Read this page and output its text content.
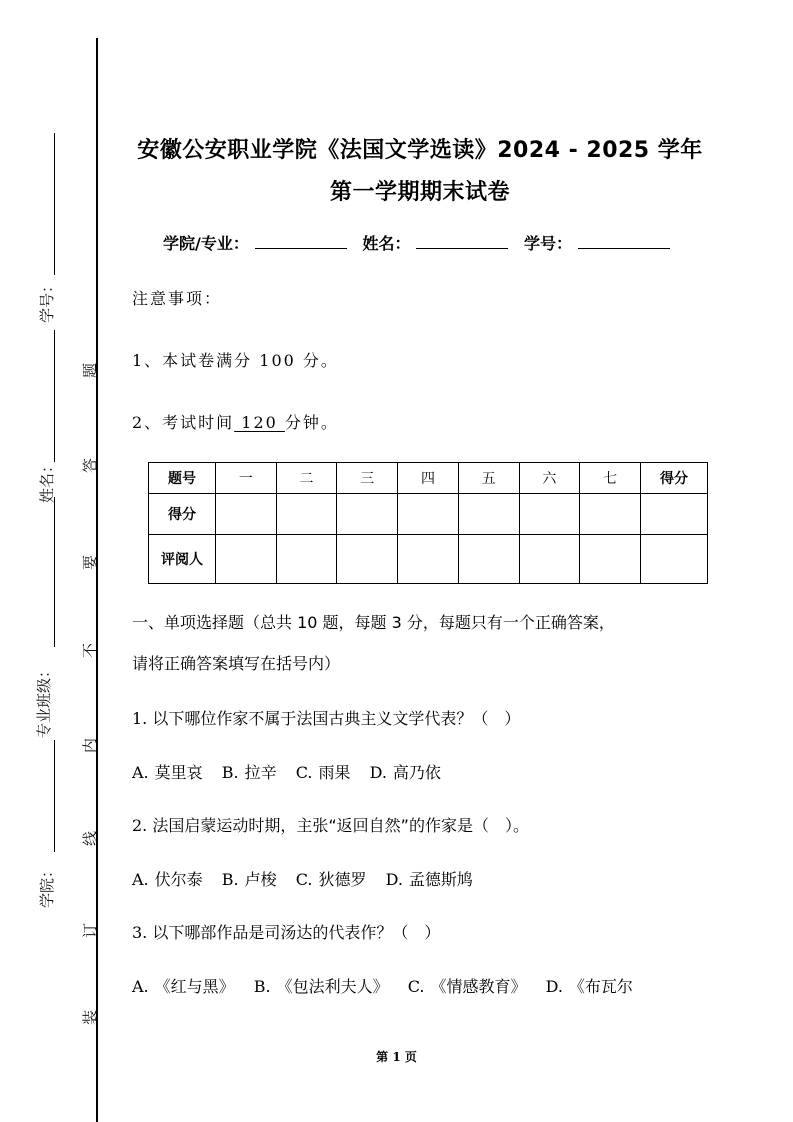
学号：
姓名：
专业班级：
学院：
题
答
要
不
内
线
订
装
安徽公安职业学院《法国文学选读》2024 - 2025 学年
第一学期期末试卷
学院/专业：	姓名：	学号：
注意事项：
1、本试卷满分 100 分。
2、考试时间 120 分钟。
题号	一	二	三	四	五	六	七	得分
得分								
评阅人								
一、单项选择题（总共 10 题，每题 3 分，每题只有一个正确答案，
请将正确答案填写在括号内）
1. 以下哪位作家不属于法国古典主义文学代表？（　）
A. 莫里哀 B. 拉辛 C. 雨果 D. 高乃依
2. 法国启蒙运动时期，主张“返回自然”的作家是（　）。
A. 伏尔泰 B. 卢梭 C. 狄德罗 D. 孟德斯鸠
3. 以下哪部作品是司汤达的代表作？（　）
A. 《红与黑》 B. 《包法利夫人》 C. 《情感教育》 D. 《布瓦尔
第 1 页
